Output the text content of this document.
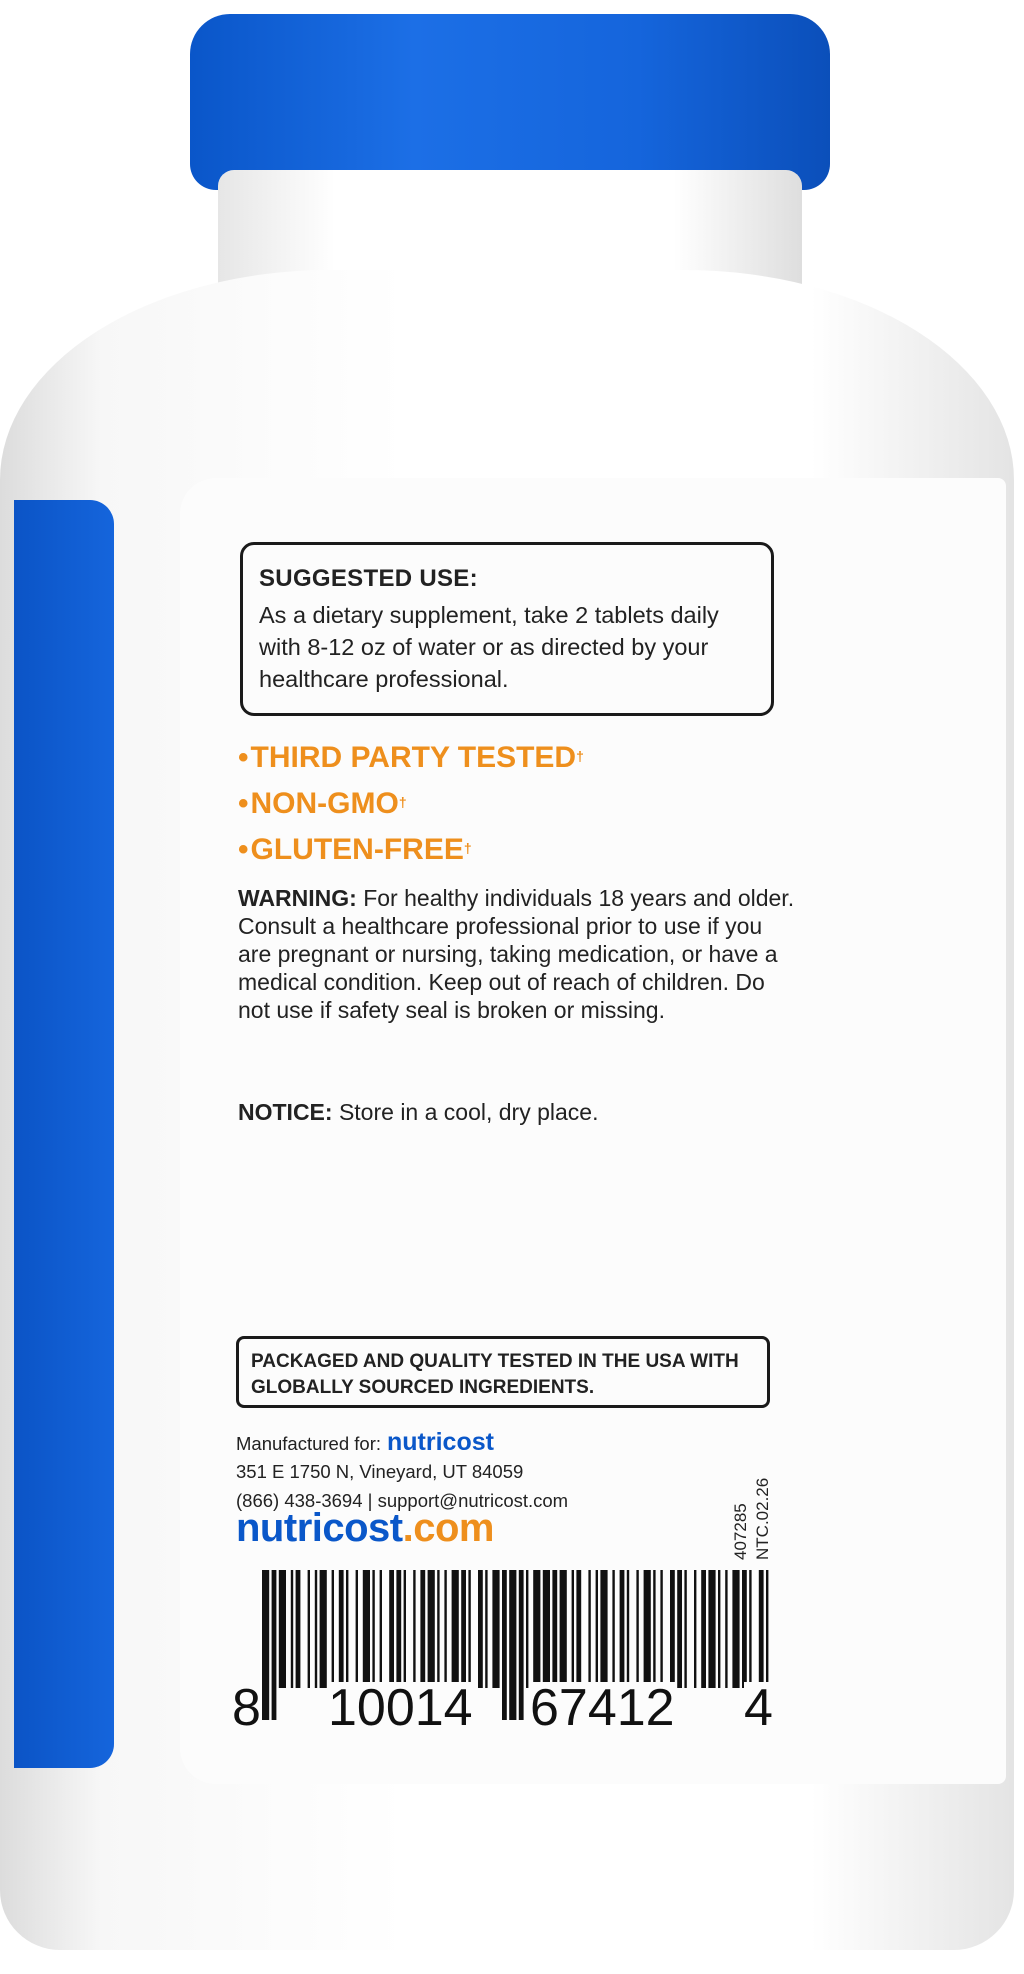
SUGGESTED USE:
As a dietary supplement, take 2 tablets daily with 8-12 oz of water or as directed by your healthcare professional.
•THIRD PARTY TESTED†
•NON-GMO†
•GLUTEN-FREE†
WARNING: For healthy individuals 18 years and older. Consult a healthcare professional prior to use if you are pregnant or nursing, taking medication, or have a medical condition. Keep out of reach of children. Do not use if safety seal is broken or missing.
NOTICE: Store in a cool, dry place.
PACKAGED AND QUALITY TESTED IN THE USA WITH GLOBALLY SOURCED INGREDIENTS.
Manufactured for: nutricost
351 E 1750 N, Vineyard, UT 84059
(866) 438-3694 | support@nutricost.com
nutricost.com	407285 NTC.02.26
8 10014 67412 4
